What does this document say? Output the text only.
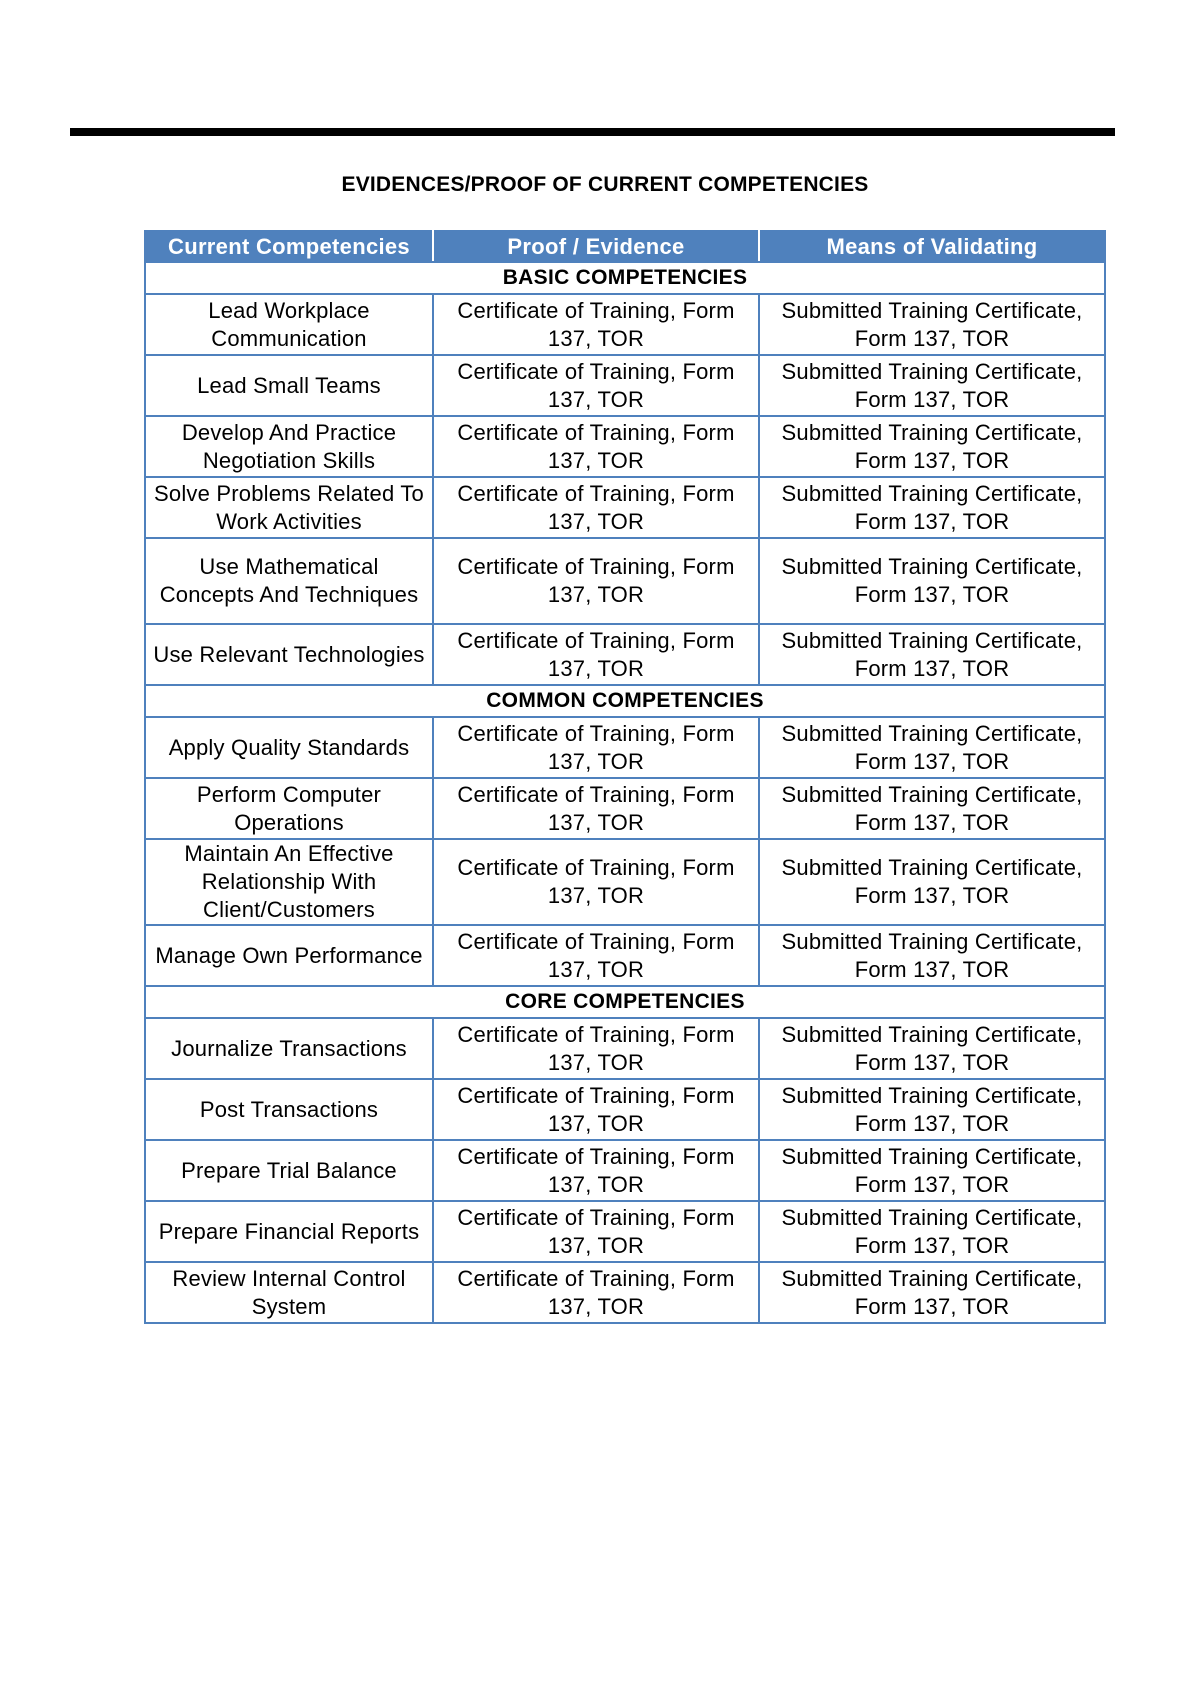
EVIDENCES/PROOF OF CURRENT COMPETENCIES
Current Competencies	Proof / Evidence	Means of Validating
BASIC COMPETENCIES		
Lead Workplace Communication	Certificate of Training, Form 137, TOR	Submitted Training Certificate, Form 137, TOR
Lead Small Teams	Certificate of Training, Form 137, TOR	Submitted Training Certificate, Form 137, TOR
Develop And Practice Negotiation Skills	Certificate of Training, Form 137, TOR	Submitted Training Certificate, Form 137, TOR
Solve Problems Related To Work Activities	Certificate of Training, Form 137, TOR	Submitted Training Certificate, Form 137, TOR
Use Mathematical Concepts And Techniques	Certificate of Training, Form 137, TOR	Submitted Training Certificate, Form 137, TOR
Use Relevant Technologies	Certificate of Training, Form 137, TOR	Submitted Training Certificate, Form 137, TOR
COMMON COMPETENCIES		
Apply Quality Standards	Certificate of Training, Form 137, TOR	Submitted Training Certificate, Form 137, TOR
Perform Computer Operations	Certificate of Training, Form 137, TOR	Submitted Training Certificate, Form 137, TOR
Maintain An Effective Relationship With Client/Customers	Certificate of Training, Form 137, TOR	Submitted Training Certificate, Form 137, TOR
Manage Own Performance	Certificate of Training, Form 137, TOR	Submitted Training Certificate, Form 137, TOR
CORE COMPETENCIES		
Journalize Transactions	Certificate of Training, Form 137, TOR	Submitted Training Certificate, Form 137, TOR
Post Transactions	Certificate of Training, Form 137, TOR	Submitted Training Certificate, Form 137, TOR
Prepare Trial Balance	Certificate of Training, Form 137, TOR	Submitted Training Certificate, Form 137, TOR
Prepare Financial Reports	Certificate of Training, Form 137, TOR	Submitted Training Certificate, Form 137, TOR
Review Internal Control System	Certificate of Training, Form 137, TOR	Submitted Training Certificate, Form 137, TOR
